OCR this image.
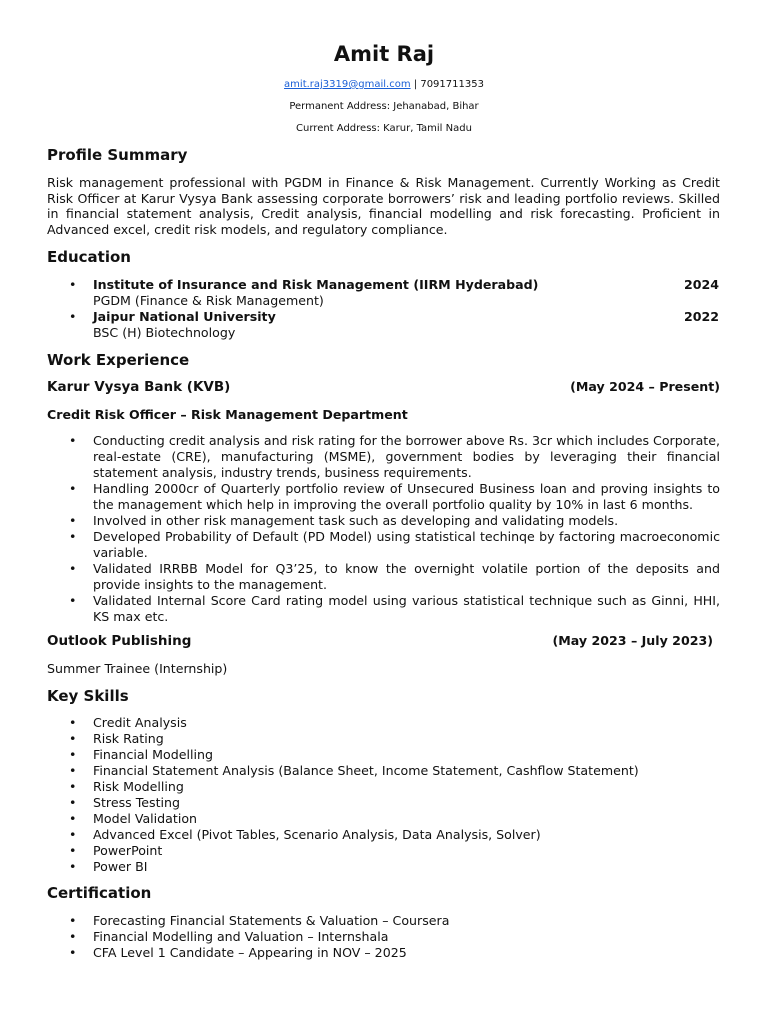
Amit Raj
amit.raj3319@gmail.com | 7091711353
Permanent Address: Jehanabad, Bihar
Current Address: Karur, Tamil Nadu
Profile Summary
Risk management professional with PGDM in Finance & Risk Management. Currently Working as Credit Risk Officer at Karur Vysya Bank assessing corporate borrowers’ risk and leading portfolio reviews. Skilled in financial statement analysis, Credit analysis, financial modelling and risk forecasting. Proficient in Advanced excel, credit risk models, and regulatory compliance.
Education
• Institute of Insurance and Risk Management (IIRM Hyderabad)	2024
PGDM (Finance & Risk Management)
• Jaipur National University	2022
BSC (H) Biotechnology
Work Experience
Karur Vysya Bank (KVB)	(May 2024 – Present)
Credit Risk Officer – Risk Management Department
• Conducting credit analysis and risk rating for the borrower above Rs. 3cr which includes Corporate, real-estate (CRE), manufacturing (MSME), government bodies by leveraging their financial statement analysis, industry trends, business requirements.
• Handling 2000cr of Quarterly portfolio review of Unsecured Business loan and proving insights to the management which help in improving the overall portfolio quality by 10% in last 6 months.
• Involved in other risk management task such as developing and validating models.
• Developed Probability of Default (PD Model) using statistical techinqe by factoring macroeconomic variable.
• Validated IRRBB Model for Q3’25, to know the overnight volatile portion of the deposits and provide insights to the management.
• Validated Internal Score Card rating model using various statistical technique such as Ginni, HHI, KS max etc.
Outlook Publishing	(May 2023 – July 2023)
Summer Trainee (Internship)
Key Skills
• Credit Analysis
• Risk Rating
• Financial Modelling
• Financial Statement Analysis (Balance Sheet, Income Statement, Cashflow Statement)
• Risk Modelling
• Stress Testing
• Model Validation
• Advanced Excel (Pivot Tables, Scenario Analysis, Data Analysis, Solver)
• PowerPoint
• Power BI
Certification
• Forecasting Financial Statements & Valuation – Coursera
• Financial Modelling and Valuation – Internshala
• CFA Level 1 Candidate – Appearing in NOV – 2025
